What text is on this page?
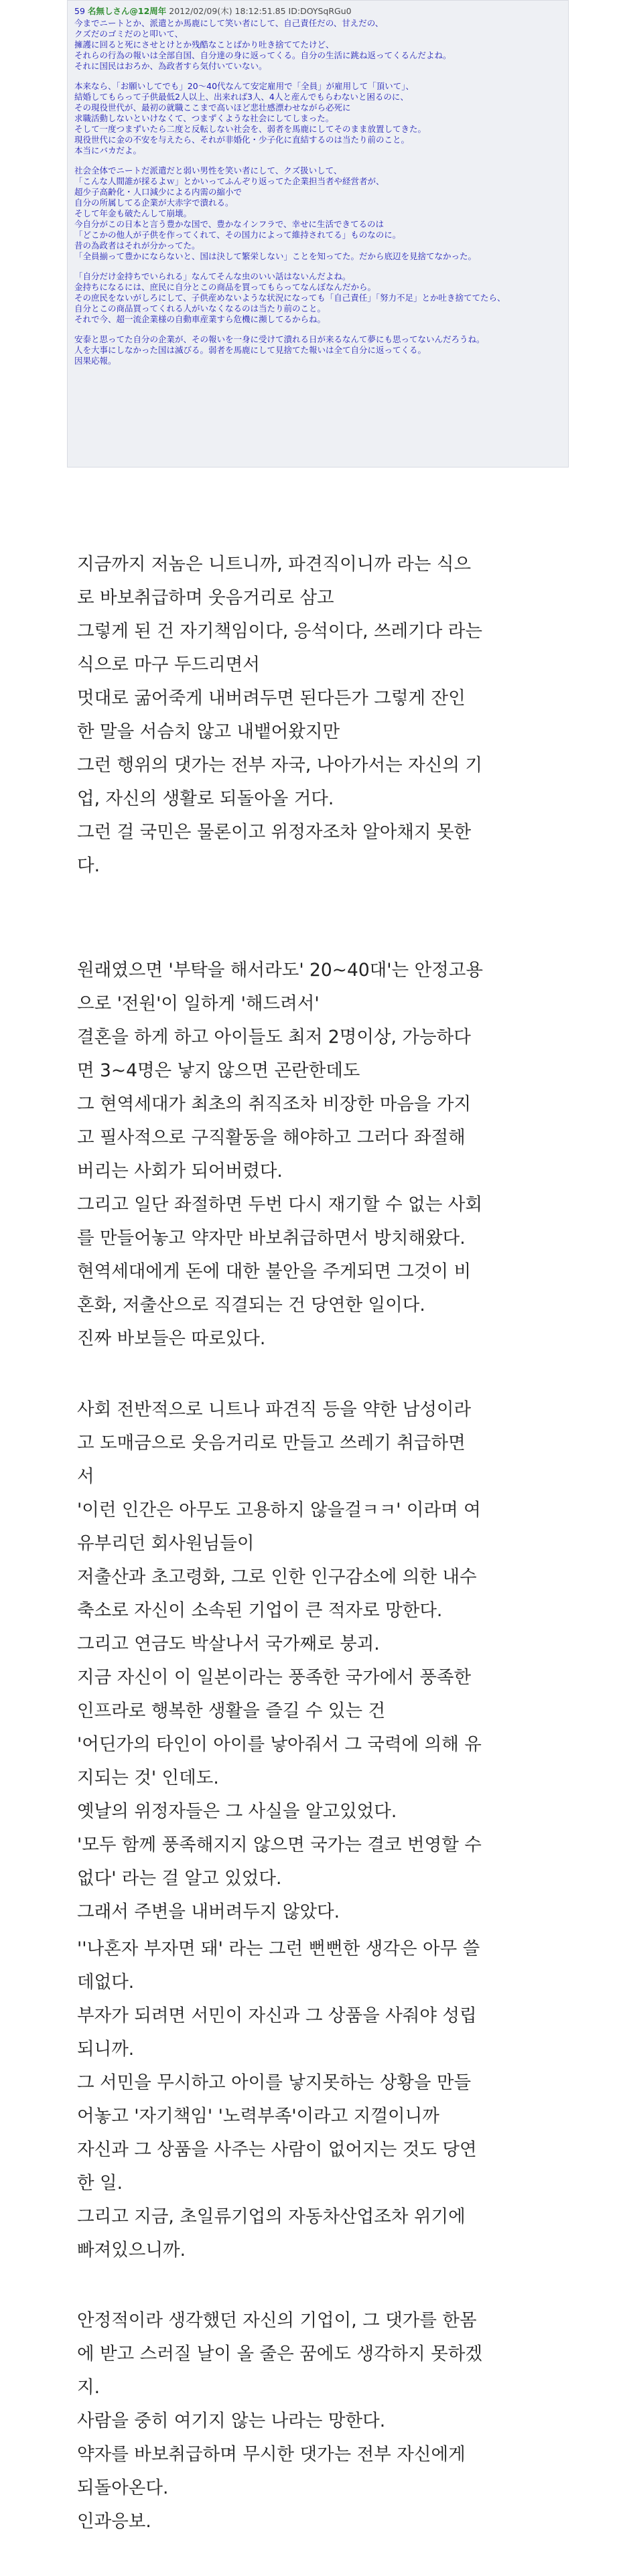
59 名無しさん@12周年 2012/02/09(木) 18:12:51.85 ID:DOYSqRGu0
今までニートとか、派遣とか馬鹿にして笑い者にして、自己責任だの、甘えだの、
クズだのゴミだのと叩いて、
擁護に回ると死にさせとけとか残酷なことばかり吐き捨ててたけど、
それらの行為の報いは全部自国、自分達の身に返ってくる。自分の生活に跳ね返ってくるんだよね。
それに国民はおろか、為政者すら気付いていない。
本来なら、「お願いしてでも」20～40代なんて安定雇用で「全員」が雇用して「頂いて」、
結婚してもらって子供最低2人以上、出来れば3人、4人と産んでもらわないと困るのに、
その現役世代が、最初の就職ここまで高いほど悲壮感漂わせながら必死に
求職活動しないといけなくて、つまずくような社会にしてしまった。
そして一度つまずいたら二度と反転しない社会を、弱者を馬鹿にしてそのまま放置してきた。
現役世代に金の不安を与えたら、それが非婚化・少子化に直結するのは当たり前のこと。
本当にバカだよ。
社会全体でニートだ派遣だと弱い男性を笑い者にして、クズ扱いして、
「こんな人間誰が採るよｗ」とかいってふんぞり返ってた企業担当者や経営者が、
超少子高齢化・人口減少による内需の縮小で
自分の所属してる企業が大赤字で潰れる。
そして年金も破たんして崩壊。
今自分がこの日本と言う豊かな国で、豊かなインフラで、幸せに生活できてるのは
「どこかの他人が子供を作ってくれて、その国力によって維持されてる」ものなのに。
昔の為政者はそれが分かってた。
「全員揃って豊かにならないと、国は決して繁栄しない」ことを知ってた。だから底辺を見捨てなかった。
「自分だけ金持ちでいられる」なんてそんな虫のいい話はないんだよね。
金持ちになるには、庶民に自分とこの商品を買ってもらってなんぼなんだから。
その庶民をないがしろにして、子供産めないような状況になっても「自己責任」「努力不足」とか吐き捨ててたら、
自分とこの商品買ってくれる人がいなくなるのは当たり前のこと。
それで今、超一流企業様の自動車産業すら危機に瀕してるからね。
安泰と思ってた自分の企業が、その報いを一身に受けて潰れる日が来るなんて夢にも思ってないんだろうね。
人を大事にしなかった国は滅びる。弱者を馬鹿にして見捨てた報いは全て自分に返ってくる。
因果応報。
지금까지 저놈은 니트니까, 파견직이니까 라는 식으
로 바보취급하며 웃음거리로 삼고
그렇게 된 건 자기책임이다, 응석이다, 쓰레기다 라는
식으로 마구 두드리면서
멋대로 굶어죽게 내버려두면 된다든가 그렇게 잔인
한 말을 서슴치 않고 내뱉어왔지만
그런 행위의 댓가는 전부 자국, 나아가서는 자신의 기
업, 자신의 생활로 되돌아올 거다.
그런 걸 국민은 물론이고 위정자조차 알아채지 못한
다.
원래였으면 '부탁을 해서라도' 20~40대'는 안정고용
으로 '전원'이 일하게 '해드려서'
결혼을 하게 하고 아이들도 최저 2명이상, 가능하다
면 3~4명은 낳지 않으면 곤란한데도
그 현역세대가 최초의 취직조차 비장한 마음을 가지
고 필사적으로 구직활동을 해야하고 그러다 좌절해
버리는 사회가 되어버렸다.
그리고 일단 좌절하면 두번 다시 재기할 수 없는 사회
를 만들어놓고 약자만 바보취급하면서 방치해왔다.
현역세대에게 돈에 대한 불안을 주게되면 그것이 비
혼화, 저출산으로 직결되는 건 당연한 일이다.
진짜 바보들은 따로있다.
사회 전반적으로 니트나 파견직 등을 약한 남성이라
고 도매금으로 웃음거리로 만들고 쓰레기 취급하면
서
'이런 인간은 아무도 고용하지 않을걸ㅋㅋ' 이라며 여
유부리던 회사원님들이
저출산과 초고령화, 그로 인한 인구감소에 의한 내수
축소로 자신이 소속된 기업이 큰 적자로 망한다.
그리고 연금도 박살나서 국가째로 붕괴.
지금 자신이 이 일본이라는 풍족한 국가에서 풍족한
인프라로 행복한 생활을 즐길 수 있는 건
'어딘가의 타인이 아이를 낳아줘서 그 국력에 의해 유
지되는 것' 인데도.
옛날의 위정자들은 그 사실을 알고있었다.
'모두 함께 풍족해지지 않으면 국가는 결코 번영할 수
없다' 라는 걸 알고 있었다.
그래서 주변을 내버려두지 않았다.
''나혼자 부자면 돼' 라는 그런 뻔뻔한 생각은 아무 쓸
데없다.
부자가 되려면 서민이 자신과 그 상품을 사줘야 성립
되니까.
그 서민을 무시하고 아이를 낳지못하는 상황을 만들
어놓고 '자기책임' '노력부족'이라고 지껄이니까
자신과 그 상품을 사주는 사람이 없어지는 것도 당연
한 일.
그리고 지금, 초일류기업의 자동차산업조차 위기에
빠져있으니까.
안정적이라 생각했던 자신의 기업이, 그 댓가를 한몸
에 받고 스러질 날이 올 줄은 꿈에도 생각하지 못하겠
지.
사람을 중히 여기지 않는 나라는 망한다.
약자를 바보취급하며 무시한 댓가는 전부 자신에게
되돌아온다.
인과응보.
